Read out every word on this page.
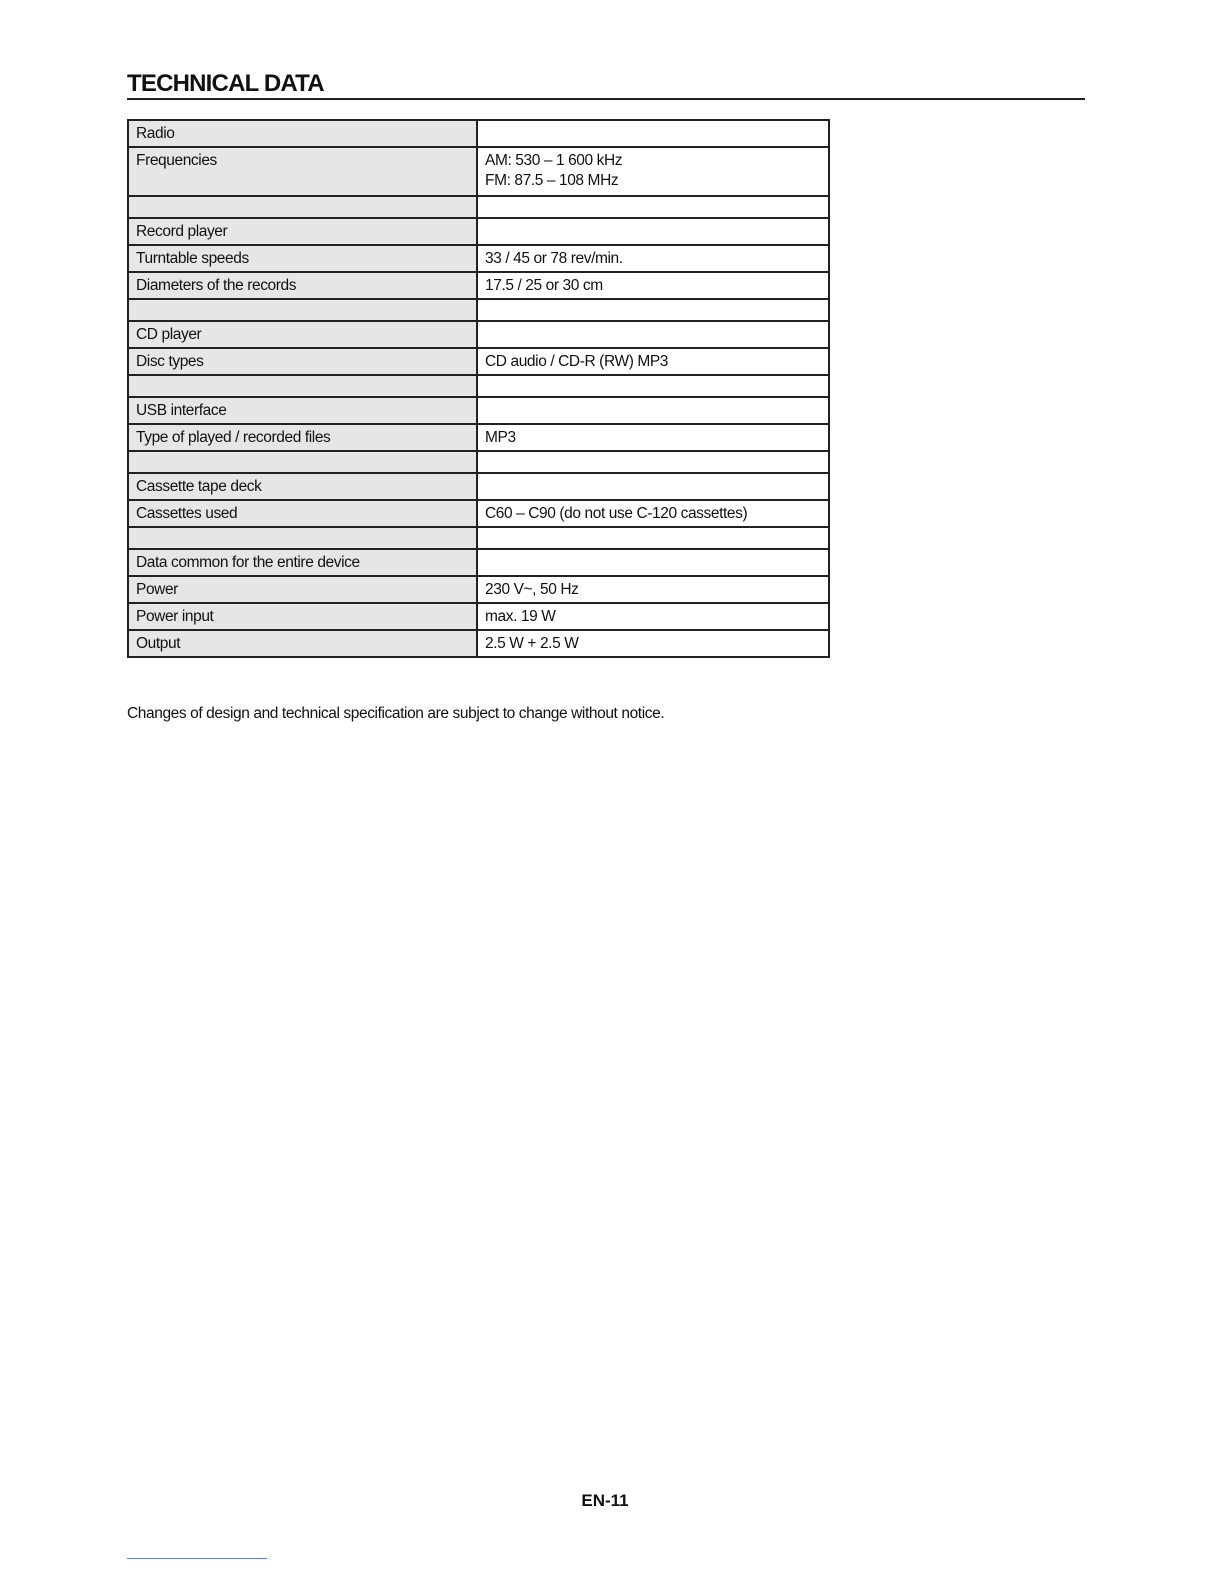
TECHNICAL DATA
Radio	

Frequencies	AM: 530 – 1 600 kHz
FM: 87.5 – 108 MHz

Record player	

Turntable speeds	33 / 45 or 78 rev/min.

Diameters of the records	17.5 / 25 or 30 cm

CD player	

Disc types	CD audio / CD-R (RW) MP3

USB interface	

Type of played / recorded files	MP3

Cassette tape deck	

Cassettes used	C60 – C90 (do not use C-120 cassettes)

Data common for the entire device	

Power	230 V~, 50 Hz

Power input	max. 19 W

Output	2.5 W + 2.5 W

Changes of design and technical specification are subject to change without notice.

EN-11
